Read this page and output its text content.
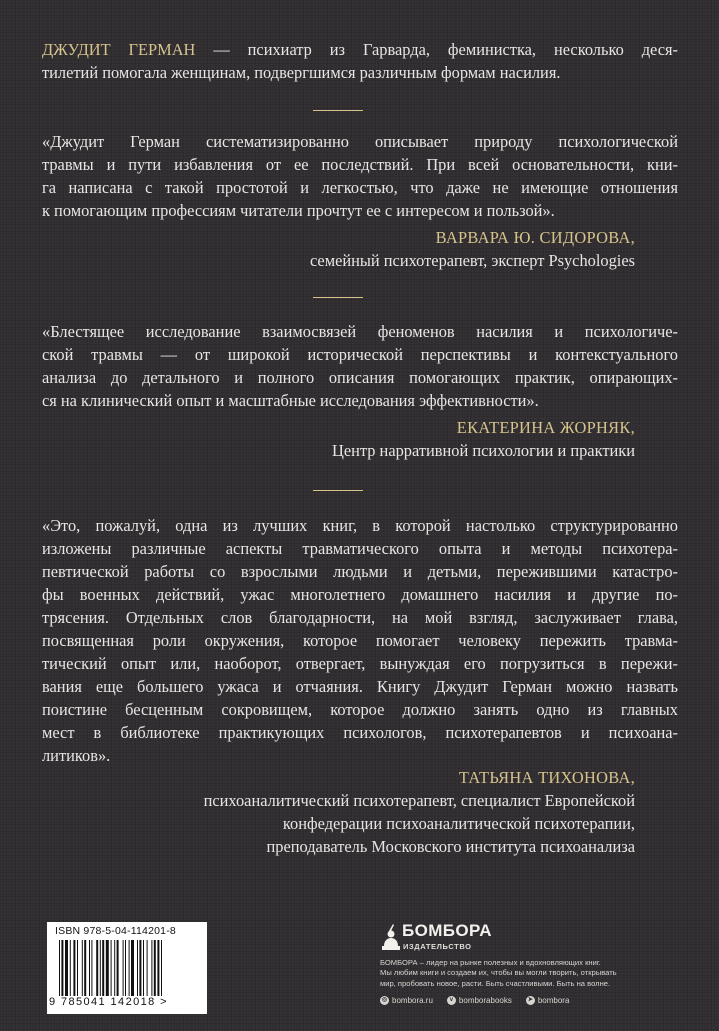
ДЖУДИТ ГЕРМАН — психиатр из Гарварда, феминистка, несколько деся-
тилетий помогала женщинам, подвергшимся различным формам насилия.
«Джудит Герман систематизированно описывает природу психологической
травмы и пути избавления от ее последствий. При всей основательности, кни-
га написана с такой простотой и легкостью, что даже не имеющие отношения
к помогающим профессиям читатели прочтут ее с интересом и пользой».
ВАРВАРА Ю. СИДОРОВА,
семейный психотерапевт, эксперт Psychologies
«Блестящее исследование взаимосвязей феноменов насилия и психологиче-
ской травмы — от широкой исторической перспективы и контекстуального
анализа до детального и полного описания помогающих практик, опирающих-
ся на клинический опыт и масштабные исследования эффективности».
ЕКАТЕРИНА ЖОРНЯК,
Центр нарративной психологии и практики
«Это, пожалуй, одна из лучших книг, в которой настолько структурированно
изложены различные аспекты травматического опыта и методы психотера-
певтической работы со взрослыми людьми и детьми, пережившими катастро-
фы военных действий, ужас многолетнего домашнего насилия и другие по-
трясения. Отдельных слов благодарности, на мой взгляд, заслуживает глава,
посвященная роли окружения, которое помогает человеку пережить травма-
тический опыт или, наоборот, отвергает, вынуждая его погрузиться в пережи-
вания еще большего ужаса и отчаяния. Книгу Джудит Герман можно назвать
поистине бесценным сокровищем, которое должно занять одно из главных
мест в библиотеке практикующих психологов, психотерапевтов и психоана-
литиков».
ТАТЬЯНА ТИХОНОВА,
психоаналитический психотерапевт, специалист Европейской
конфедерации психоаналитической психотерапии,
преподаватель Московского института психоанализа
ISBN 978-5-04-114201-8
9 785041 142018 >
БОМБОРА
ИЗДАТЕЛЬСТВО
БОМБОРА – лидер на рынке полезных и вдохновляющих книг.
Мы любим книги и создаем их, чтобы вы могли творить, открывать
мир, пробовать новое, расти. Быть счастливыми. Быть на волне.
◎ bombora.ru	v bomborabooks	➤ bombora
